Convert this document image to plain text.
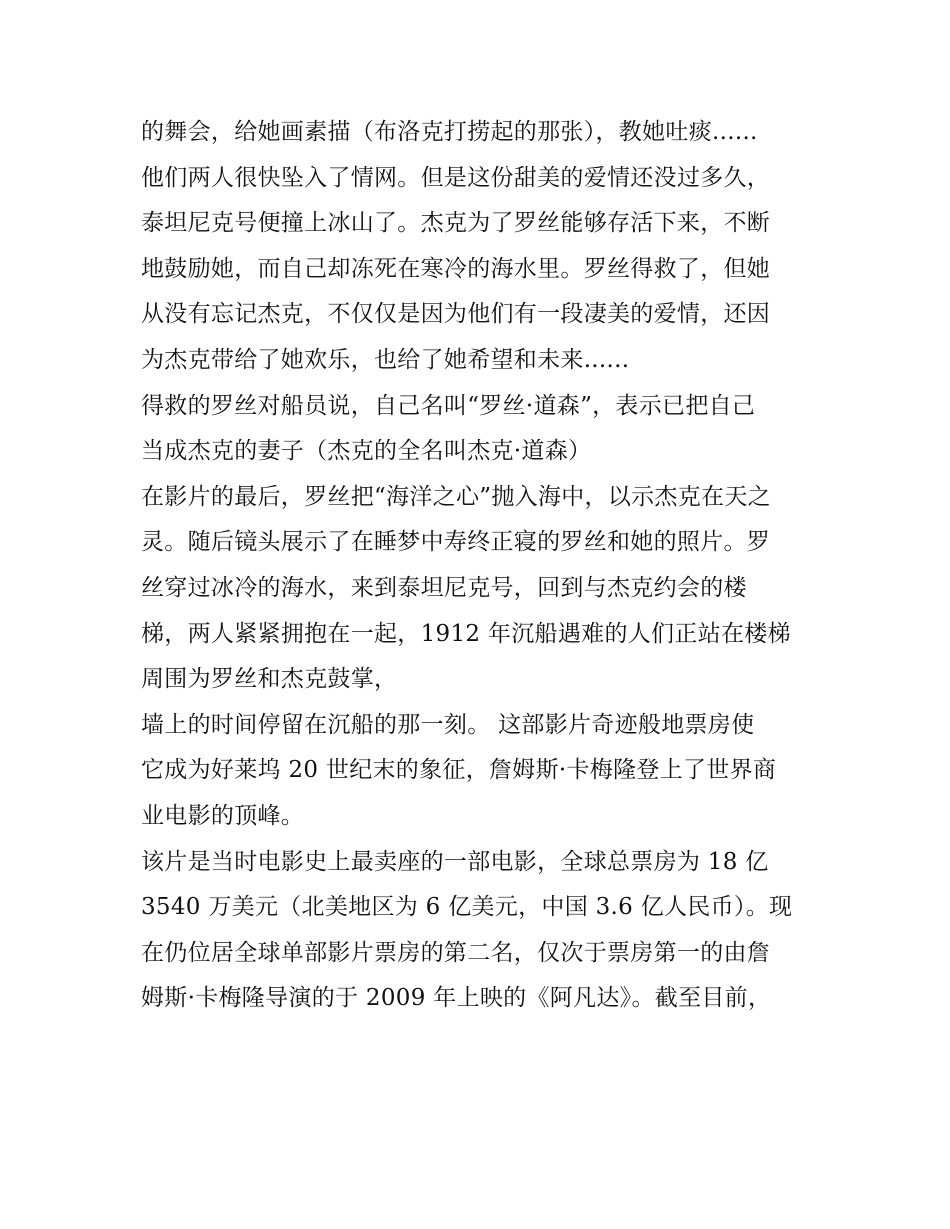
的舞会，给她画素描（布洛克打捞起的那张），教她吐痰......
他们两人很快坠入了情网。但是这份甜美的爱情还没过多久，
泰坦尼克号便撞上冰山了。杰克为了罗丝能够存活下来，不断
地鼓励她，而自己却冻死在寒冷的海水里。罗丝得救了，但她
从没有忘记杰克，不仅仅是因为他们有一段凄美的爱情，还因
为杰克带给了她欢乐，也给了她希望和未来......
得救的罗丝对船员说，自己名叫“罗丝·道森”，表示已把自己
当成杰克的妻子（杰克的全名叫杰克·道森）
在影片的最后，罗丝把“海洋之心”抛入海中，以示杰克在天之
灵。随后镜头展示了在睡梦中寿终正寝的罗丝和她的照片。罗
丝穿过冰冷的海水，来到泰坦尼克号，回到与杰克约会的楼
梯，两人紧紧拥抱在一起，1912 年沉船遇难的人们正站在楼梯
周围为罗丝和杰克鼓掌，
墙上的时间停留在沉船的那一刻。 这部影片奇迹般地票房使
它成为好莱坞 20 世纪末的象征，詹姆斯·卡梅隆登上了世界商
业电影的顶峰。
该片是当时电影史上最卖座的一部电影，全球总票房为 18 亿
3540 万美元（北美地区为 6 亿美元，中国 3.6 亿人民币）。现
在仍位居全球单部影片票房的第二名，仅次于票房第一的由詹
姆斯·卡梅隆导演的于 2009 年上映的《阿凡达》。截至目前，
